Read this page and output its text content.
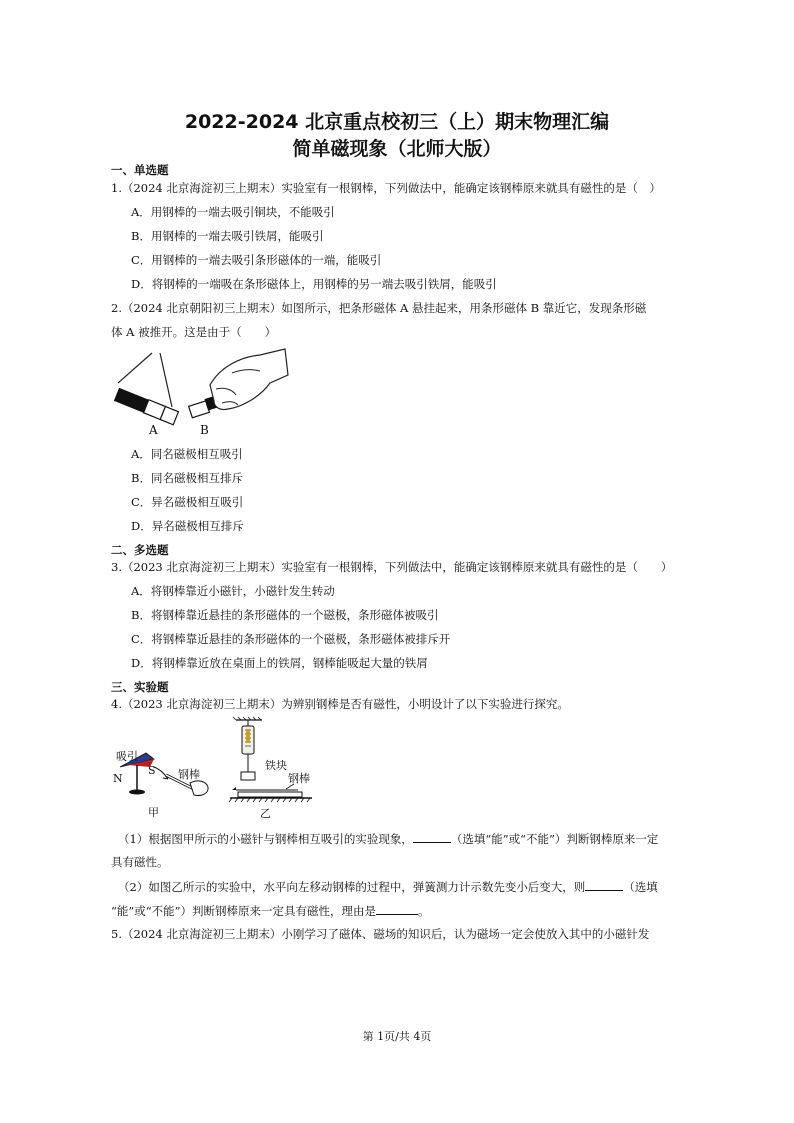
2022-2024 北京重点校初三（上）期末物理汇编
简单磁现象（北师大版）
一、单选题
1.（2024 北京海淀初三上期末）实验室有一根钢棒，下列做法中，能确定该钢棒原来就具有磁性的是（　）
A．用钢棒的一端去吸引铜块，不能吸引
B．用钢棒的一端去吸引铁屑，能吸引
C．用钢棒的一端去吸引条形磁体的一端，能吸引
D．将钢棒的一端吸在条形磁体上，用钢棒的另一端去吸引铁屑，能吸引
2.（2024 北京朝阳初三上期末）如图所示，把条形磁体 A 悬挂起来，用条形磁体 B 靠近它，发现条形磁
体 A 被推开。这是由于（　　）
A	B
A．同名磁极相互吸引
B．同名磁极相互排斥
C．异名磁极相互吸引
D．异名磁极相互排斥
二、多选题
3.（2023 北京海淀初三上期末）实验室有一根钢棒，下列做法中，能确定该钢棒原来就具有磁性的是（　　）
A．将钢棒靠近小磁针，小磁针发生转动
B．将钢棒靠近悬挂的条形磁体的一个磁极，条形磁体被吸引
C．将钢棒靠近悬挂的条形磁体的一个磁极，条形磁体被排斥开
D．将钢棒靠近放在桌面上的铁屑，钢棒能吸起大量的铁屑
三、实验题
4.（2023 北京海淀初三上期末）为辨别钢棒是否有磁性，小明设计了以下实验进行探究。
吸引
N
S 钢棒
甲
铁块
钢棒
乙
（1）根据图甲所示的小磁针与钢棒相互吸引的实验现象，	（选填“能”或“不能”）判断钢棒原来一定
具有磁性。
（2）如图乙所示的实验中，水平向左移动钢棒的过程中，弹簧测力计示数先变小后变大，则	（选填
“能”或“不能”）判断钢棒原来一定具有磁性，理由是	。
5.（2024 北京海淀初三上期末）小刚学习了磁体、磁场的知识后，认为磁场一定会使放入其中的小磁针发
第 1页/共 4页
